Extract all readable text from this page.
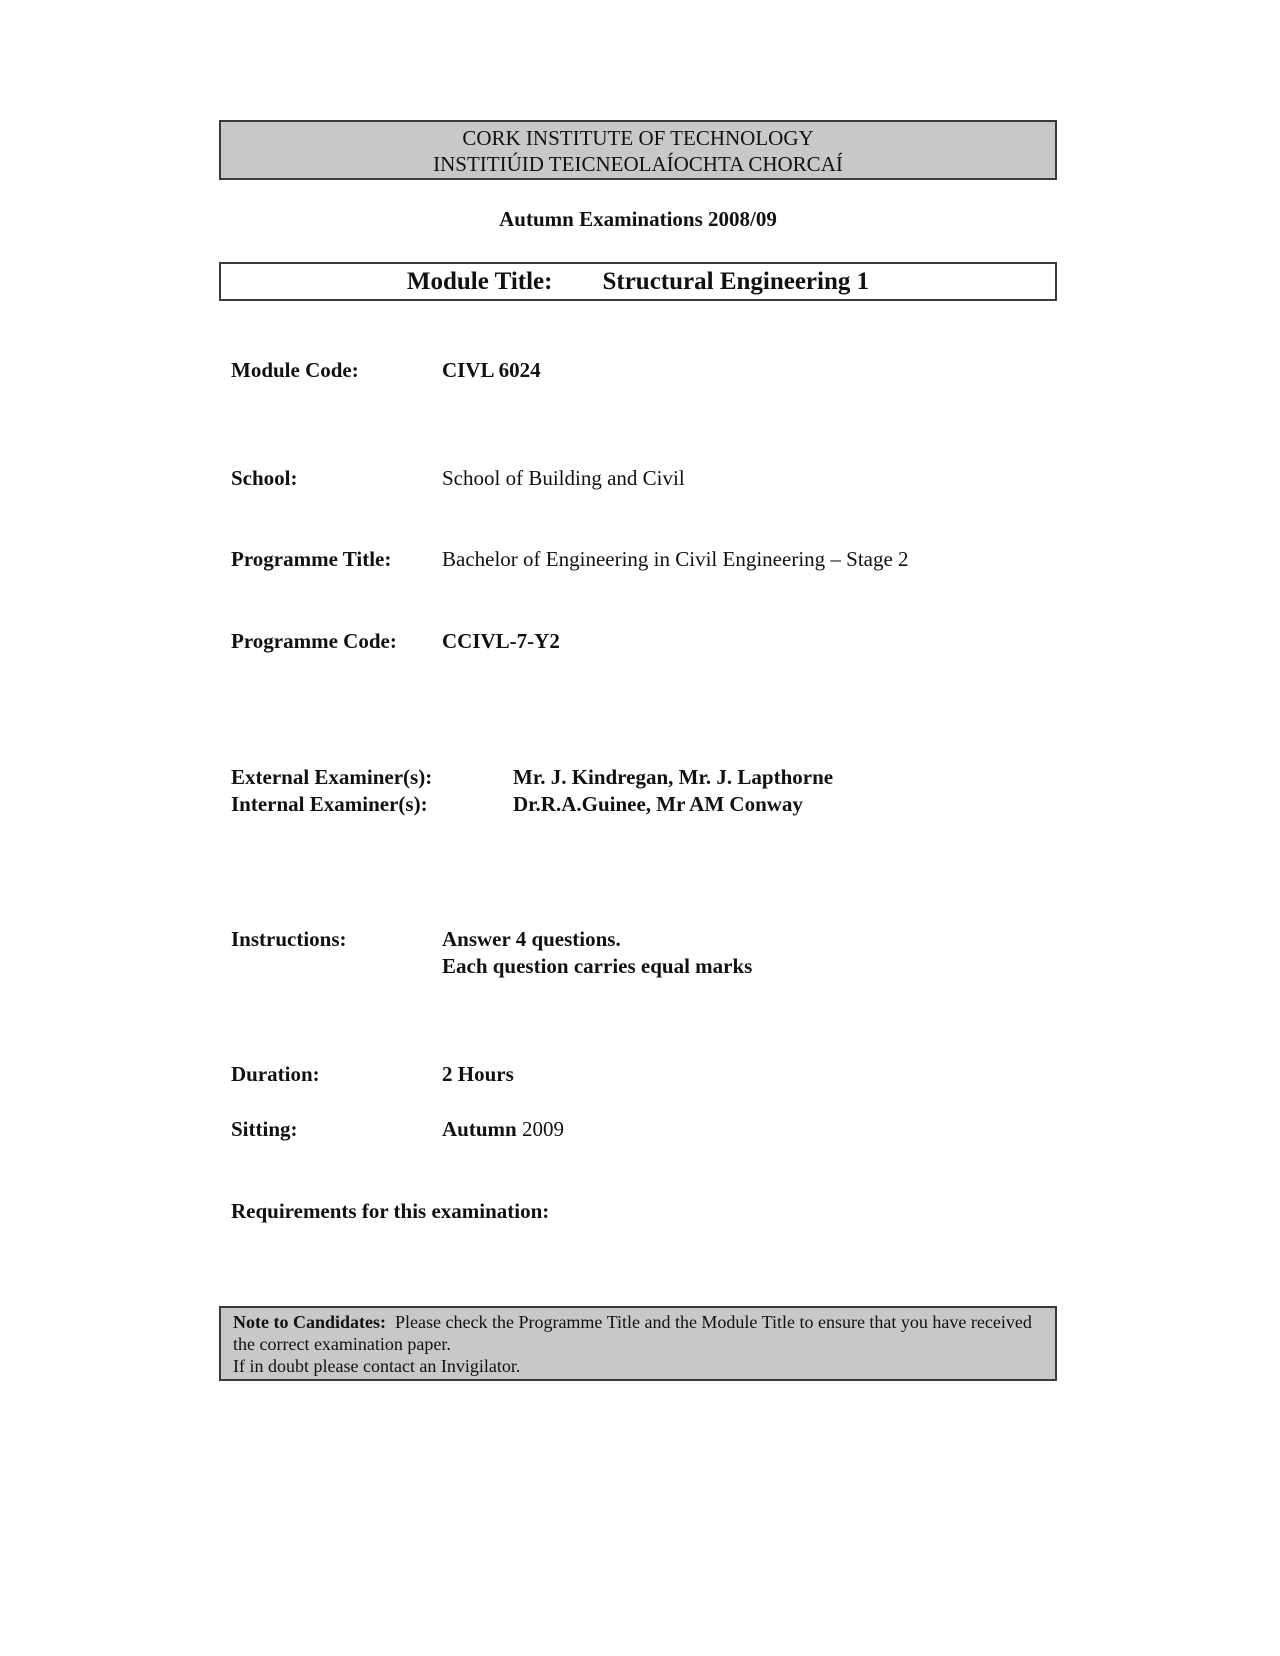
CORK INSTITUTE OF TECHNOLOGY
INSTITIÚID TEICNEOLAÍOCHTA CHORCAÍ
Autumn Examinations 2008/09
Module Title: Structural Engineering 1
Module Code:	CIVL 6024
School:	School of Building and Civil
Programme Title: Bachelor of Engineering in Civil Engineering – Stage 2
Programme Code: CCIVL-7-Y2
External Examiner(s):	Mr. J. Kindregan, Mr. J. Lapthorne
Internal Examiner(s):	Dr.R.A.Guinee, Mr AM Conway
Instructions:	Answer 4 questions.
Each question carries equal marks
Duration:	2 Hours
Sitting:	Autumn 2009
Requirements for this examination:
Note to Candidates: Please check the Programme Title and the Module Title to ensure that you have received the correct examination paper.
If in doubt please contact an Invigilator.
